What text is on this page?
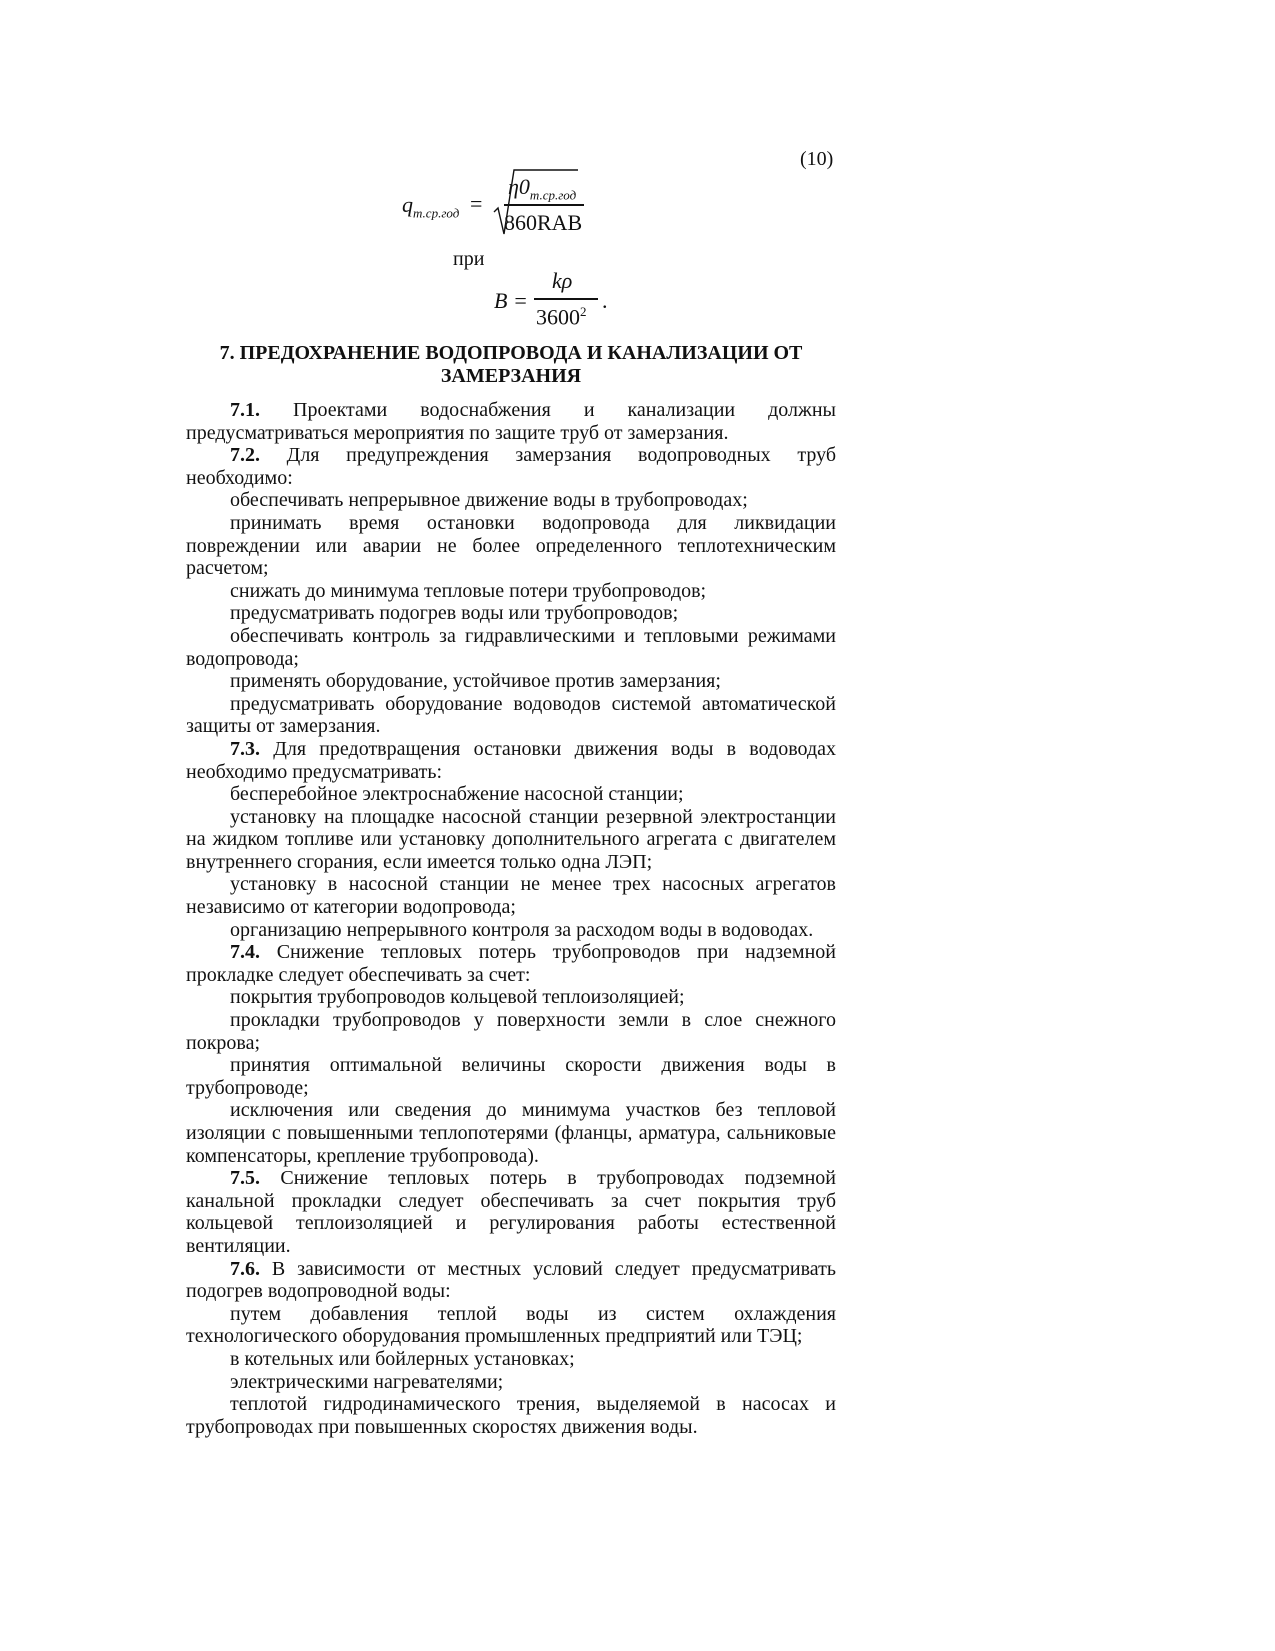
(10)
$q_{т.ср.год}$ =
$\eta 0_{т.ср.год}$
860RAB
при
B =
kρ
3600$^2$ .
7. ПРЕДОХРАНЕНИЕ ВОДОПРОВОДА И КАНАЛИЗАЦИИ ОТ
ЗАМЕРЗАНИЯ

7.1. Проектами водоснабжения и канализации должны предусматриваться мероприятия по защите труб от замерзания.

7.2. Для предупреждения замерзания водопроводных труб необходимо:

обеспечивать непрерывное движение воды в трубопроводах;

принимать время остановки водопровода для ликвидации повреждении или аварии не более определенного теплотехническим расчетом;

снижать до минимума тепловые потери трубопроводов;

предусматривать подогрев воды или трубопроводов;

обеспечивать контроль за гидравлическими и тепловыми режимами водопровода;

применять оборудование, устойчивое против замерзания;

предусматривать оборудование водоводов системой автоматической защиты от замерзания.

7.3. Для предотвращения остановки движения воды в водоводах необходимо предусматривать:

бесперебойное электроснабжение насосной станции;

установку на площадке насосной станции резервной электростанции на жидком топливе или установку дополнительного агрегата с двигателем внутреннего сгорания, если имеется только одна ЛЭП;

установку в насосной станции не менее трех насосных агрегатов независимо от категории водопровода;

организацию непрерывного контроля за расходом воды в водоводах.

7.4. Снижение тепловых потерь трубопроводов при надземной прокладке следует обеспечивать за счет:

покрытия трубопроводов кольцевой теплоизоляцией;

прокладки трубопроводов у поверхности земли в слое снежного покрова;

принятия оптимальной величины скорости движения воды в трубопроводе;

исключения или сведения до минимума участков без тепловой изоляции с повышенными теплопотерями (фланцы, арматура, сальниковые компенсаторы, крепление трубопровода).

7.5. Снижение тепловых потерь в трубопроводах подземной канальной прокладки следует обеспечивать за счет покрытия труб кольцевой теплоизоляцией и регулирования работы естественной вентиляции.

7.6. В зависимости от местных условий следует предусматривать подогрев водопроводной воды:

путем добавления теплой воды из систем охлаждения технологического оборудования промышленных предприятий или ТЭЦ;

в котельных или бойлерных установках;

электрическими нагревателями;

теплотой гидродинамического трения, выделяемой в насосах и трубопроводах при повышенных скоростях движения воды.
